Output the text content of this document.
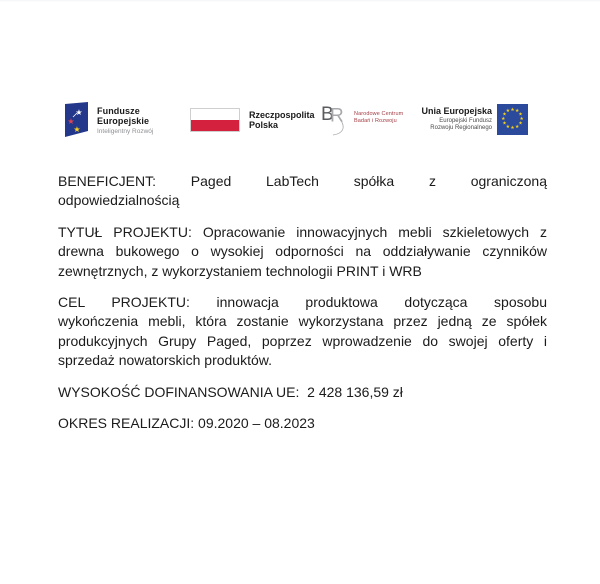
★
★
★
Fundusze
Europejskie
Inteligentny Rozwój
Rzeczpospolita
Polska	B
R Narodowe Centrum
Badań i Rozwoju
Unia Europejska
Europejski Fundusz
Rozwoju Regionalnego
★ ★
★
★
★
★
★
★
★
★
★
★
BENEFICJENT: Paged LabTech spółka z ograniczoną
odpowiedzialnością
TYTUŁ PROJEKTU: Opracowanie innowacyjnych mebli szkieletowych z
drewna bukowego o wysokiej odporności na oddziaływanie czynników
zewnętrznych, z wykorzystaniem technologii PRINT i WRB
CEL PROJEKTU: innowacja produktowa dotycząca sposobu
wykończenia mebli, która zostanie wykorzystana przez jedną ze spółek
produkcyjnych Grupy Paged, poprzez wprowadzenie do swojej oferty i
sprzedaż nowatorskich produktów.
WYSOKOŚĆ DOFINANSOWANIA UE:  2 428 136,59 zł
OKRES REALIZACJI: 09.2020 – 08.2023
